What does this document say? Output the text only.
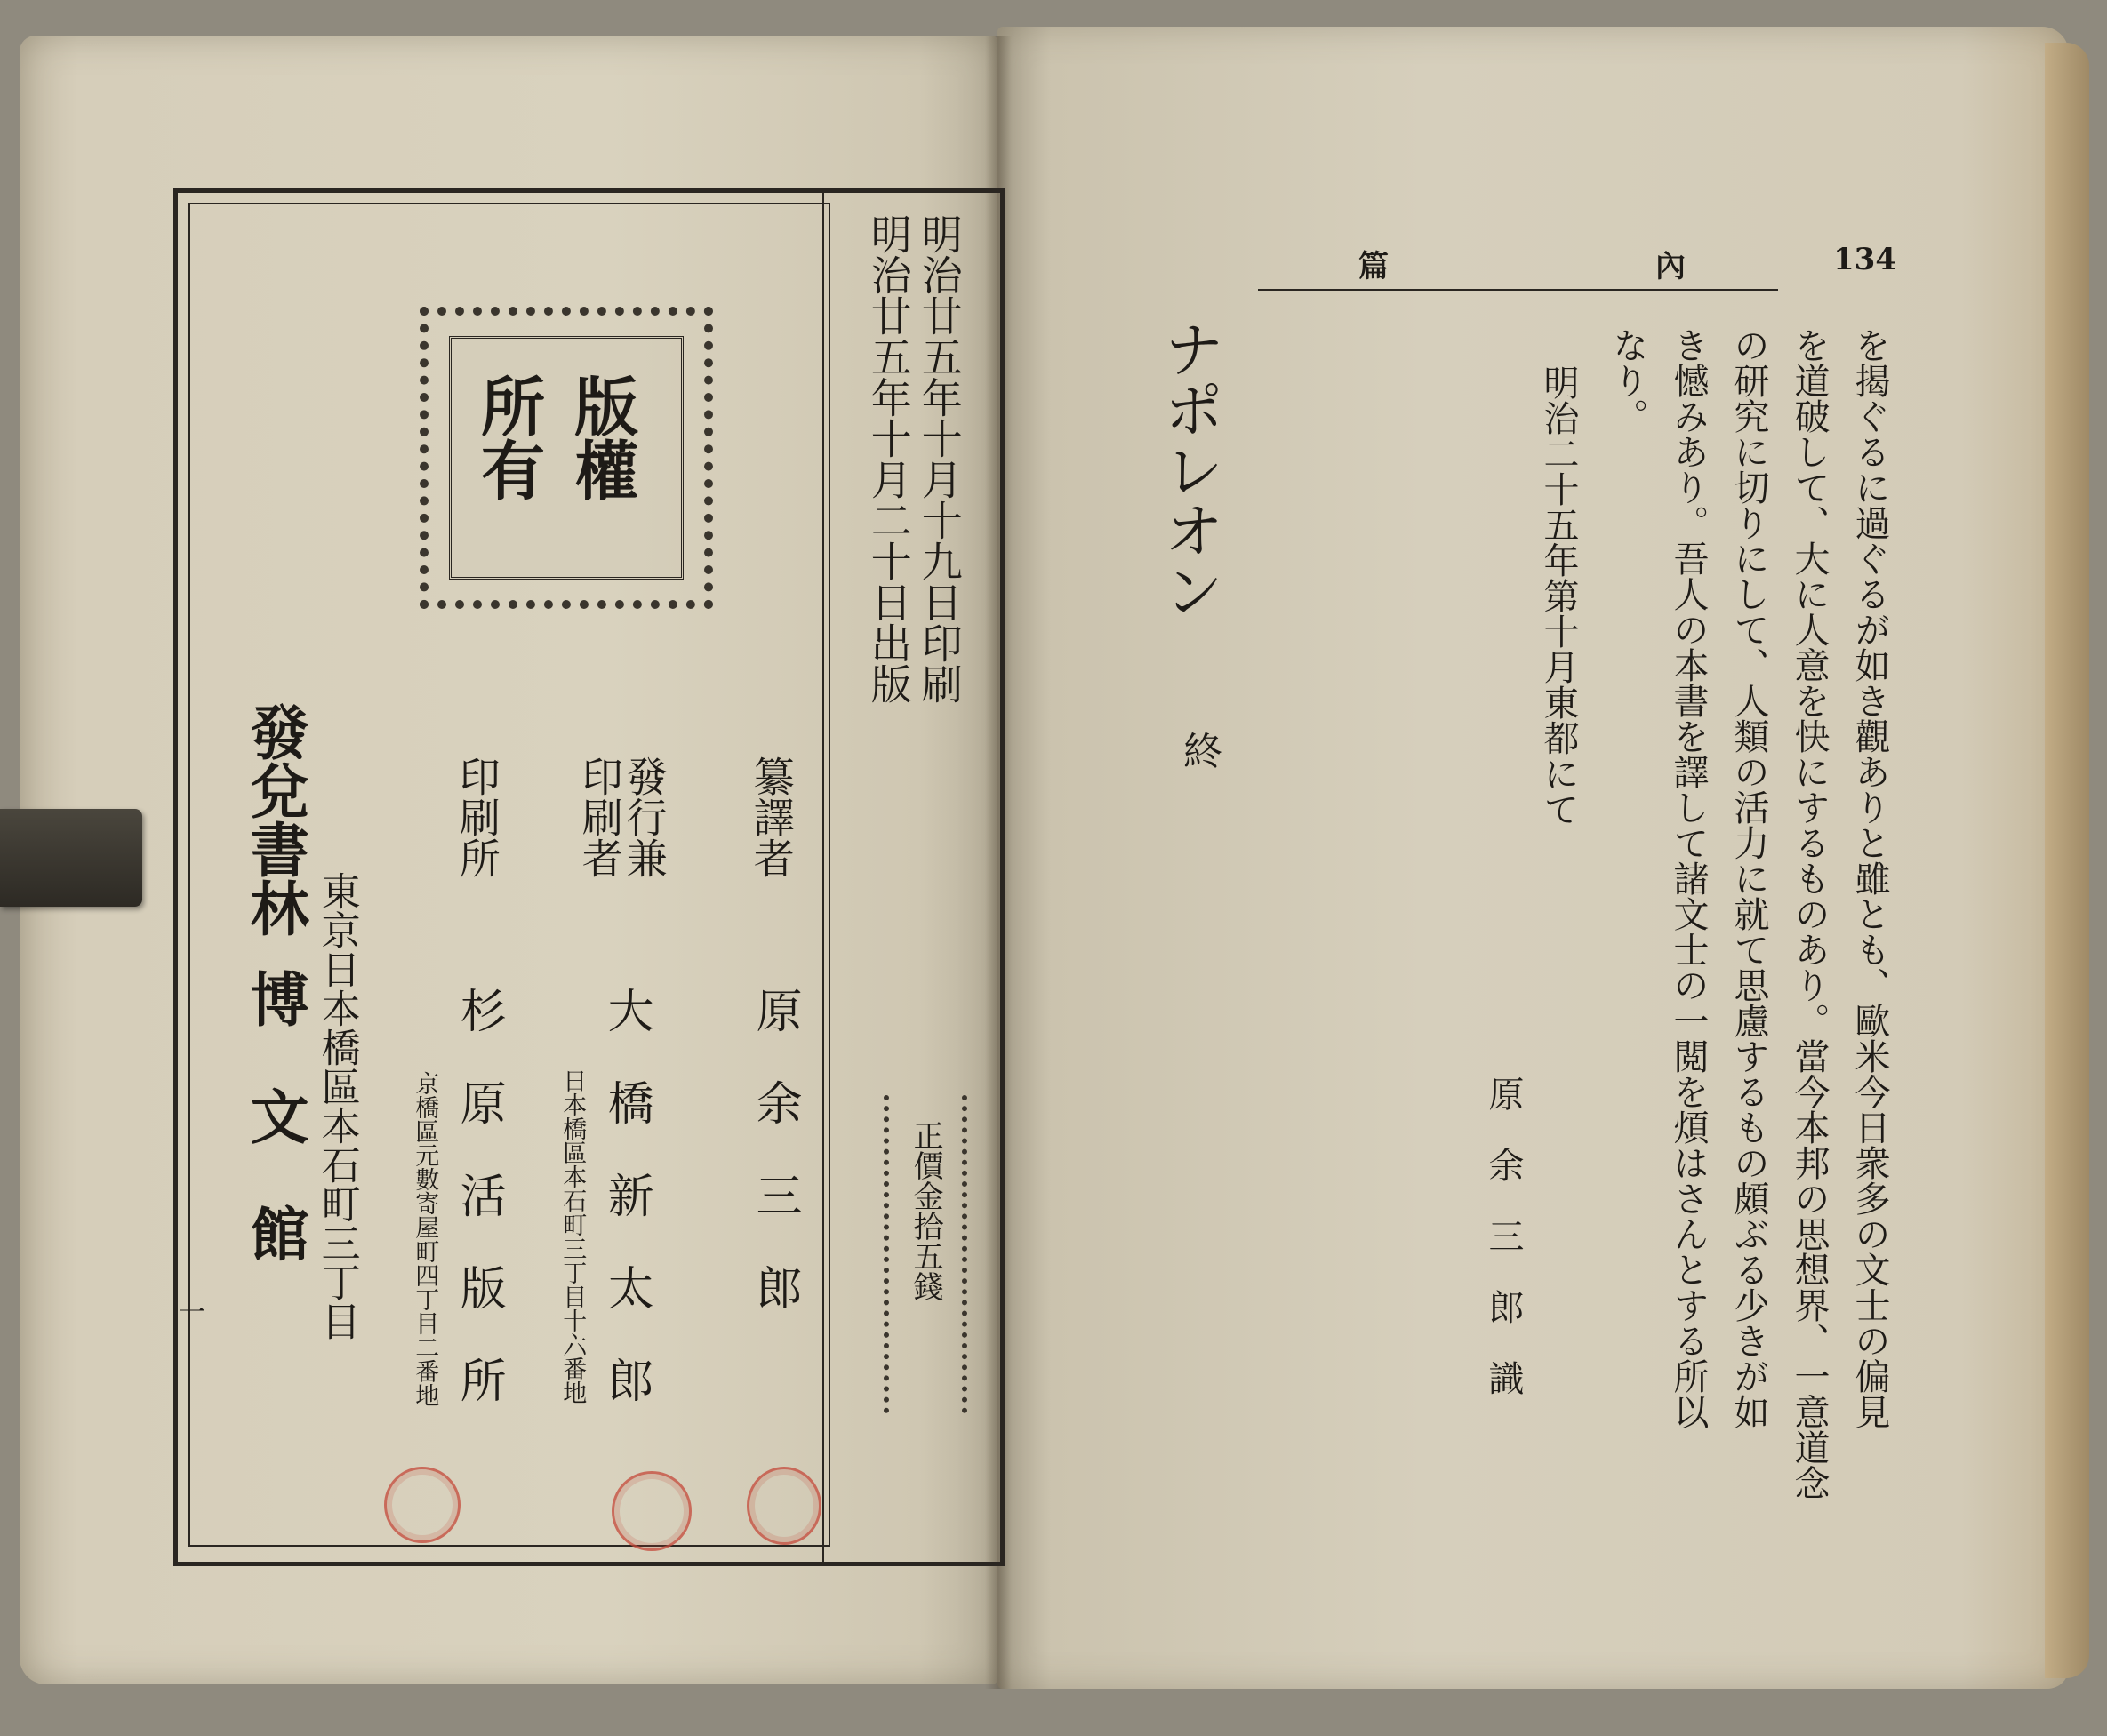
版權
所有	明治廿五年十月十九日印刷
明治廿五年十月二十日出版
纂譯者
原　余　三　郎
發行兼
印刷者
大　橋　新　太　郎
日本橋區本石町三丁目十六番地
印刷所
杉　原　活　版　所
京橋區元數寄屋町四丁目二番地
發兌書林
博　文　館 東京日本橋區本石町三丁目	正價金拾五錢
一
134
內
篇
を揭ぐるに過ぐるが如き觀ありと雖とも、歐米今日衆多の文士の偏見
を道破して、大に人意を快にするものあり。當今本邦の思想界、一意道念
の研究に切りにして、人類の活力に就て思慮するもの頗ぶる少きが如
き憾みあり。吾人の本書を譯して諸文士の一閲を煩はさんとする所以
なり。
明治二十五年第十月東都にて
原　余　三　郎　識
ナポレオン
終
